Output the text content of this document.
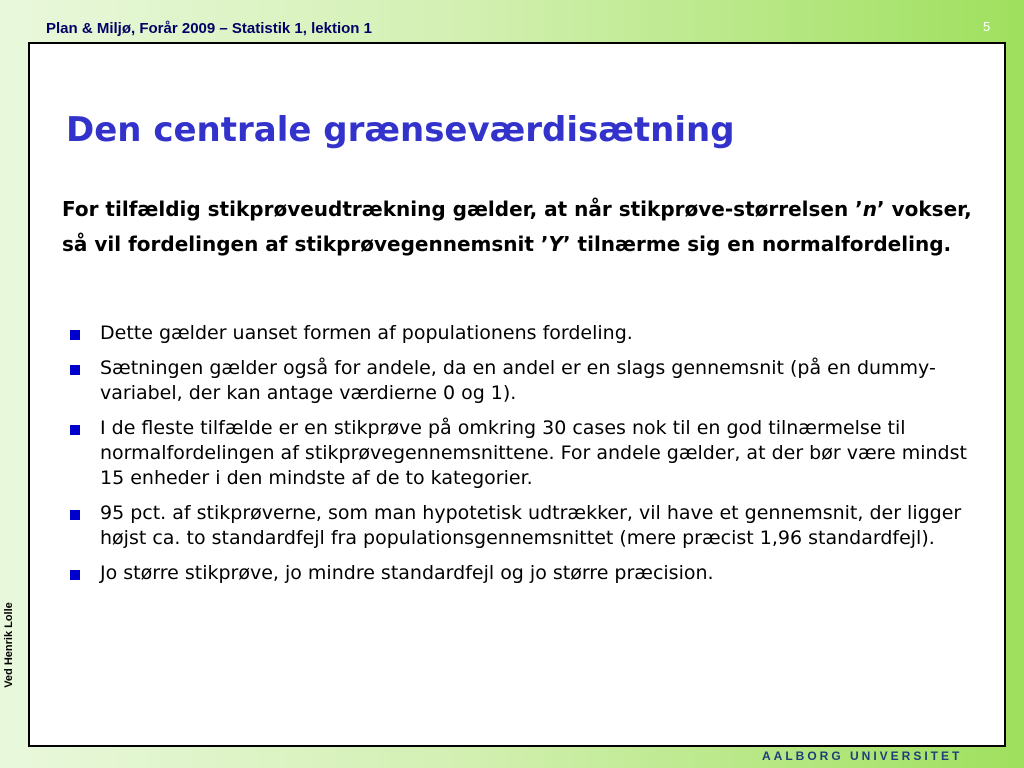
Plan & Miljø, Forår 2009 – Statistik 1, lektion 1	5
Ved Henrik Lolle
Den centrale grænseværdisætning

For tilfældig stikprøveudtrækning gælder, at når stikprøve-størrelsen ’n’ vokser, så vil fordelingen af stikprøvegennemsnit ’Y’ tilnærme sig en normalfordeling.

Dette gælder uanset formen af populationens fordeling.
Sætningen gælder også for andele, da en andel er en slags gennemsnit (på en dummy-variabel, der kan antage værdierne 0 og 1).
I de fleste tilfælde er en stikprøve på omkring 30 cases nok til en god tilnærmelse til normalfordelingen af stikprøvegennemsnittene. For andele gælder, at der bør være mindst 15 enheder i den mindste af de to kategorier.
95 pct. af stikprøverne, som man hypotetisk udtrækker, vil have et gennemsnit, der ligger højst ca. to standardfejl fra populationsgennemsnittet (mere præcist 1,96 standardfejl).
Jo større stikprøve, jo mindre standardfejl og jo større præcision.
AALBORG UNIVERSITET
